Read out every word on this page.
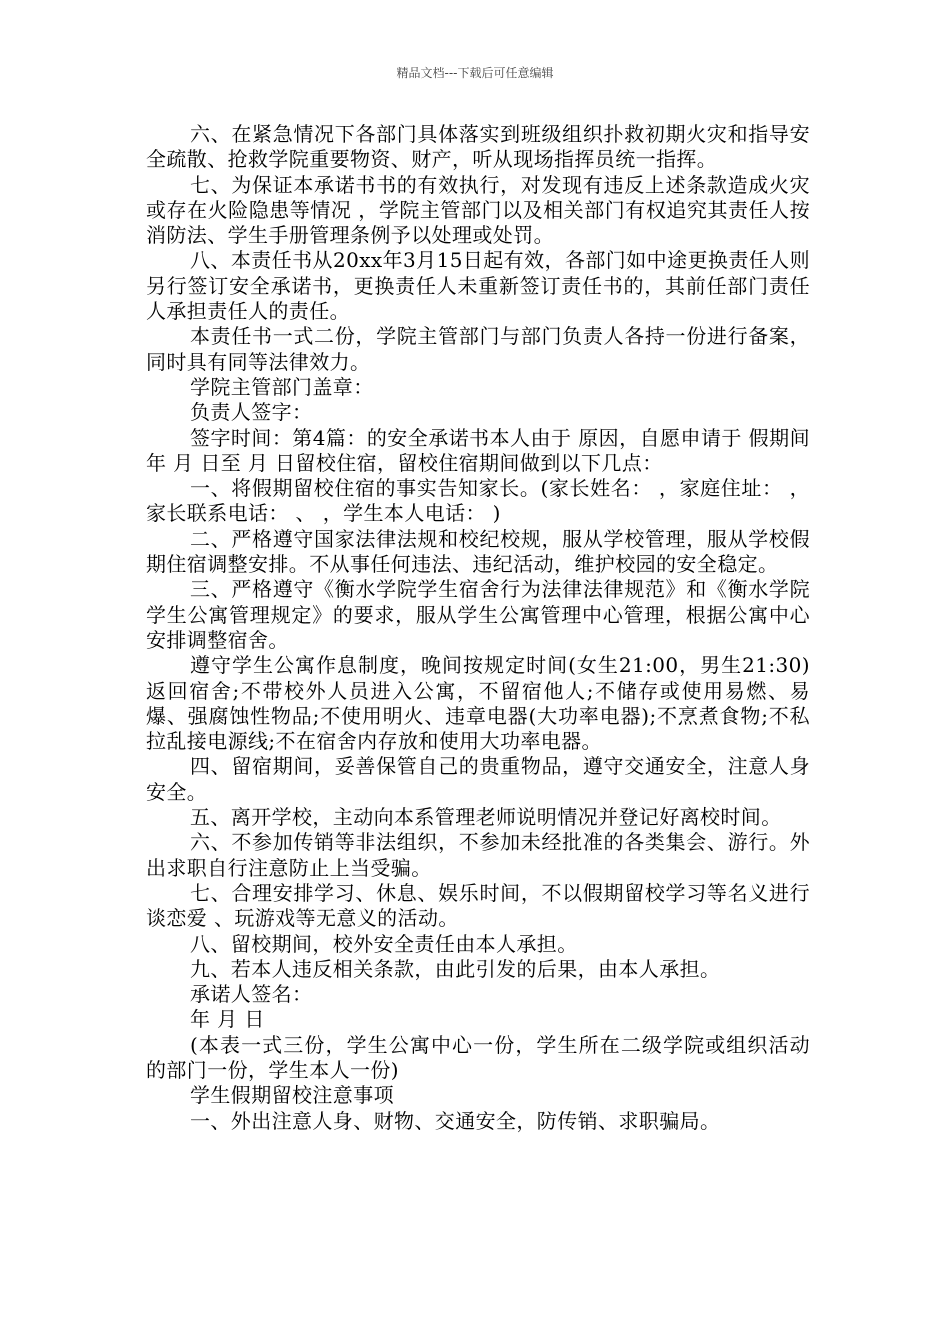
精品文档---下载后可任意编辑

六、在紧急情况下各部门具体落实到班级组织扑救初期火灾和指导安全疏散、抢救学院重要物资、财产，听从现场指挥员统一指挥。

七、为保证本承诺书书的有效执行，对发现有违反上述条款造成火灾或存在火险隐患等情况 ，学院主管部门以及相关部门有权追究其责任人按消防法、学生手册管理条例予以处理或处罚。

八、本责任书从20xx年3月15日起有效，各部门如中途更换责任人则另行签订安全承诺书，更换责任人未重新签订责任书的，其前任部门责任人承担责任人的责任。

本责任书一式二份，学院主管部门与部门负责人各持一份进行备案，同时具有同等法律效力。

学院主管部门盖章：

负责人签字：

签字时间：第4篇：的安全承诺书本人由于 原因，自愿申请于 假期间 年 月 日至 月 日留校住宿，留校住宿期间做到以下几点：

一、将假期留校住宿的事实告知家长。(家长姓名： ，家庭住址： ，家长联系电话： 、 ，学生本人电话： )

二、严格遵守国家法律法规和校纪校规，服从学校管理，服从学校假期住宿调整安排。不从事任何违法、违纪活动，维护校园的安全稳定。

三、严格遵守《衡水学院学生宿舍行为法律法律规范》和《衡水学院学生公寓管理规定》的要求，服从学生公寓管理中心管理，根据公寓中心安排调整宿舍。

遵守学生公寓作息制度，晚间按规定时间(女生21:00，男生21:30)返回宿舍;不带校外人员进入公寓，不留宿他人;不储存或使用易燃、易爆、强腐蚀性物品;不使用明火、违章电器(大功率电器);不烹煮食物;不私拉乱接电源线;不在宿舍内存放和使用大功率电器。

四、留宿期间，妥善保管自己的贵重物品，遵守交通安全，注意人身安全。

五、离开学校，主动向本系管理老师说明情况并登记好离校时间。

六、不参加传销等非法组织，不参加未经批准的各类集会、游行。外出求职自行注意防止上当受骗。

七、合理安排学习、休息、娱乐时间，不以假期留校学习等名义进行谈恋爱 、玩游戏等无意义的活动。

八、留校期间，校外安全责任由本人承担。

九、若本人违反相关条款，由此引发的后果，由本人承担。

承诺人签名：

年 月 日

(本表一式三份，学生公寓中心一份，学生所在二级学院或组织活动的部门一份，学生本人一份)

学生假期留校注意事项

一、外出注意人身、财物、交通安全，防传销、求职骗局。
